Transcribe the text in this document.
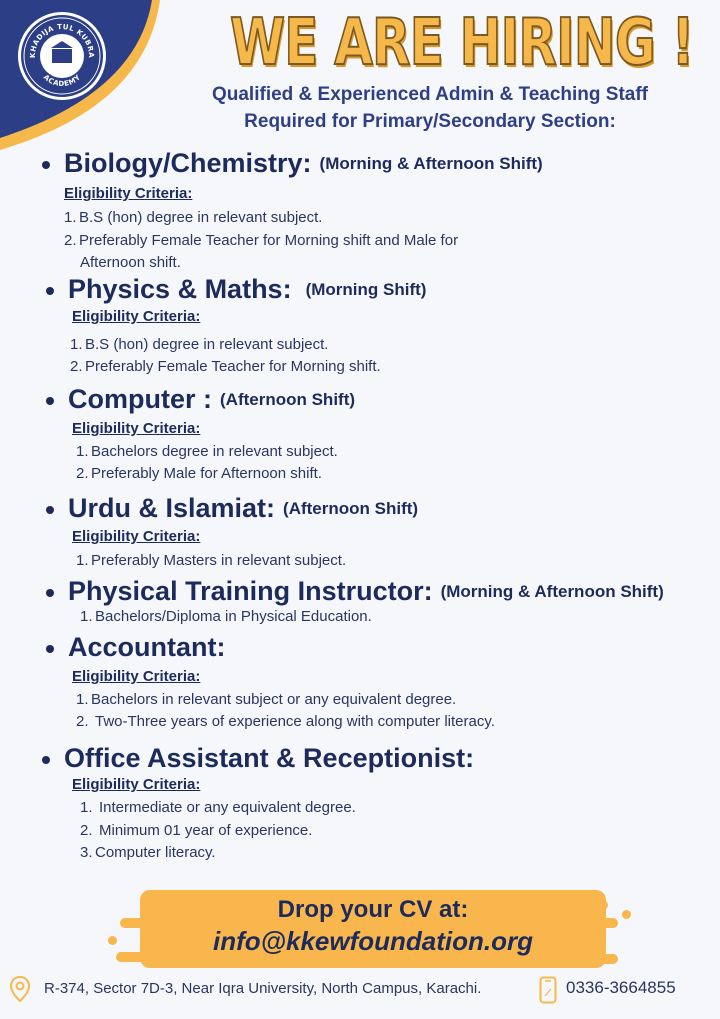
KHADIJA TUL KUBRA
ACADEMY WE ARE HIRING !
Qualified & Experienced Admin & Teaching Staff
Required for Primary/Secondary Section:
Biology/Chemistry: (Morning & Afternoon Shift)
Eligibility Criteria:
1. B.S (hon) degree in relevant subject.
2. Preferably Female Teacher for Morning shift and Male for
Afternoon shift.
Physics & Maths: (Morning Shift)
Eligibility Criteria:
1. B.S (hon) degree in relevant subject.
2. Preferably Female Teacher for Morning shift.
Computer : (Afternoon Shift)
Eligibility Criteria:
1. Bachelors degree in relevant subject.
2. Preferably Male for Afternoon shift.
Urdu & Islamiat: (Afternoon Shift)
Eligibility Criteria:
1. Preferably Masters in relevant subject.
Physical Training Instructor: (Morning & Afternoon Shift)
1. Bachelors/Diploma in Physical Education.
Accountant:
Eligibility Criteria:
1. Bachelors in relevant subject or any equivalent degree.
2. Two-Three years of experience along with computer literacy.
Office Assistant & Receptionist:
Eligibility Criteria:
1. Intermediate or any equivalent degree.
2. Minimum 01 year of experience.
3. Computer literacy.
Drop your CV at:
info@kkewfoundation.org
R-374, Sector 7D-3, Near Iqra University, North Campus, Karachi.	0336-3664855
